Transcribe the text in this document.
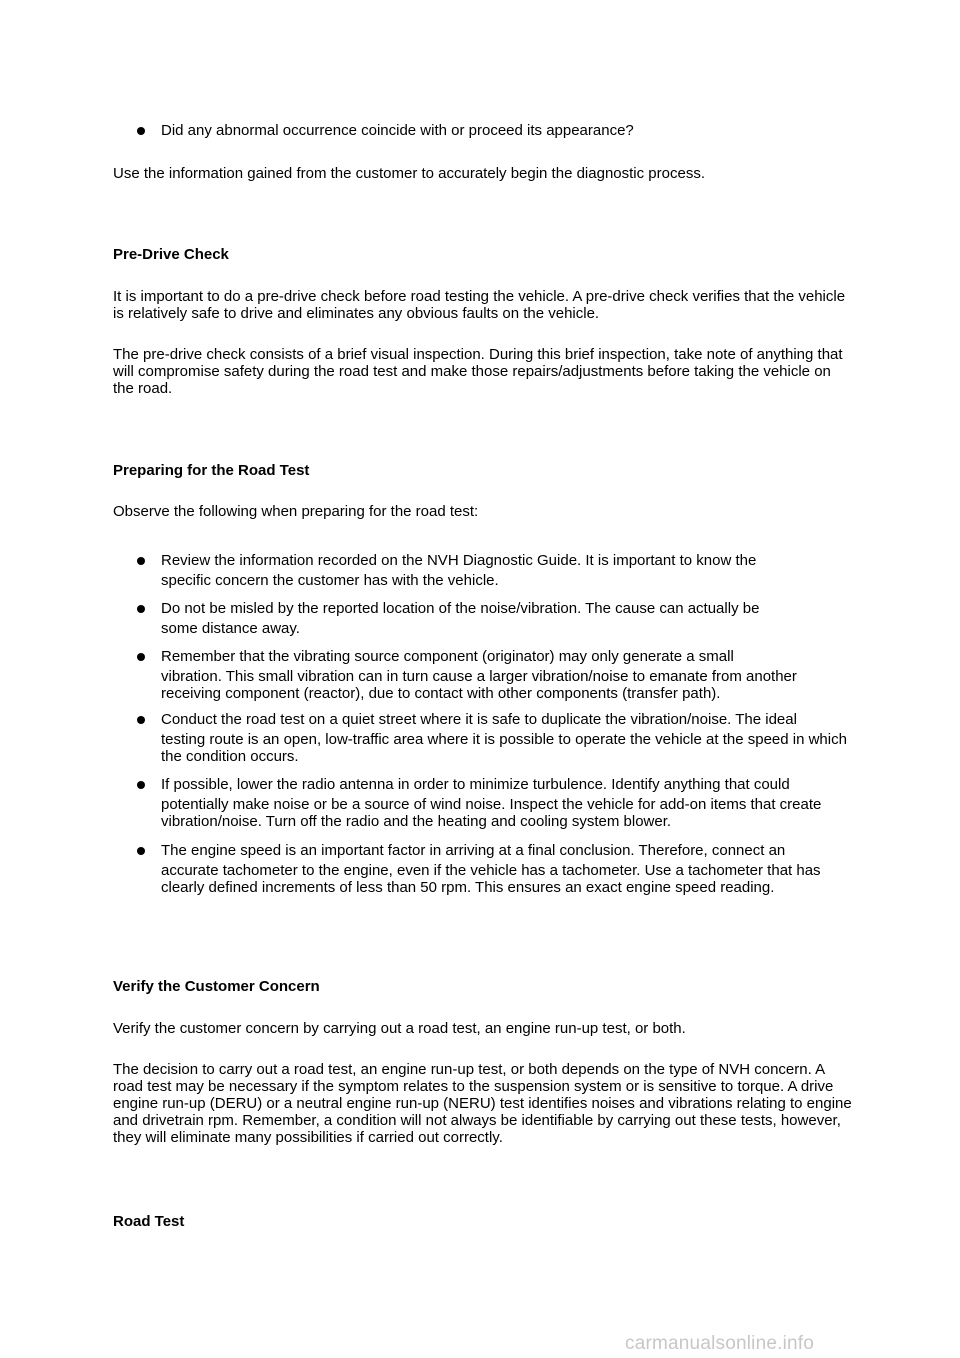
Did any abnormal occurrence coincide with or proceed its appearance?

Use the information gained from the customer to accurately begin the diagnostic process.

Pre-Drive Check

It is important to do a pre-drive check before road testing the vehicle. A pre-drive check verifies that the vehicle is relatively safe to drive and eliminates any obvious faults on the vehicle.

The pre-drive check consists of a brief visual inspection. During this brief inspection, take note of anything that will compromise safety during the road test and make those repairs/adjustments before taking the vehicle on the road.

Preparing for the Road Test

Observe the following when preparing for the road test:

Review the information recorded on the NVH Diagnostic Guide. It is important to know the
specific concern the customer has with the vehicle.
Do not be misled by the reported location of the noise/vibration. The cause can actually be
some distance away.
Remember that the vibrating source component (originator) may only generate a small
vibration. This small vibration can in turn cause a larger vibration/noise to emanate from another receiving component (reactor), due to contact with other components (transfer path).
Conduct the road test on a quiet street where it is safe to duplicate the vibration/noise. The ideal
testing route is an open, low-traffic area where it is possible to operate the vehicle at the speed in which the condition occurs.
If possible, lower the radio antenna in order to minimize turbulence. Identify anything that could
potentially make noise or be a source of wind noise. Inspect the vehicle for add-on items that create vibration/noise. Turn off the radio and the heating and cooling system blower.
The engine speed is an important factor in arriving at a final conclusion. Therefore, connect an
accurate tachometer to the engine, even if the vehicle has a tachometer. Use a tachometer that has clearly defined increments of less than 50 rpm. This ensures an exact engine speed reading.

Verify the Customer Concern

Verify the customer concern by carrying out a road test, an engine run-up test, or both.

The decision to carry out a road test, an engine run-up test, or both depends on the type of NVH concern. A road test may be necessary if the symptom relates to the suspension system or is sensitive to torque. A drive engine run-up (DERU) or a neutral engine run-up (NERU) test identifies noises and vibrations relating to engine and drivetrain rpm. Remember, a condition will not always be identifiable by carrying out these tests, however, they will eliminate many possibilities if carried out correctly.

Road Test

carmanualsonline.info
